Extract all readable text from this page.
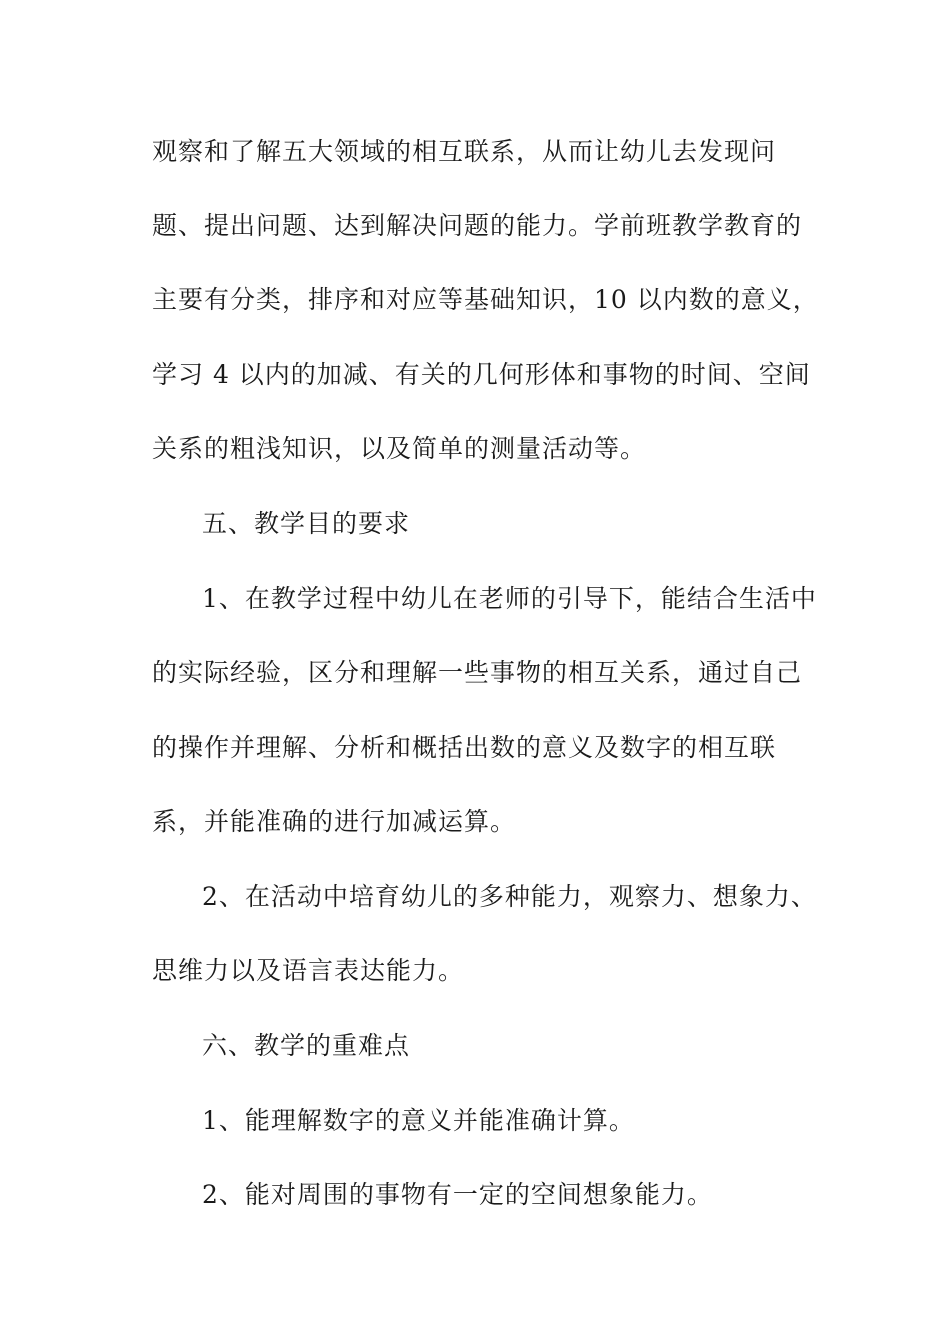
观察和了解五大领域的相互联系，从而让幼儿去发现问
题、提出问题、达到解决问题的能力。学前班教学教育的
主要有分类，排序和对应等基础知识，10 以内数的意义，
学习 4 以内的加减、有关的几何形体和事物的时间、空间
关系的粗浅知识，以及简单的测量活动等。
五、教学目的要求
1、在教学过程中幼儿在老师的引导下，能结合生活中
的实际经验，区分和理解一些事物的相互关系，通过自己
的操作并理解、分析和概括出数的意义及数字的相互联
系，并能准确的进行加减运算。
2、在活动中培育幼儿的多种能力，观察力、想象力、
思维力以及语言表达能力。
六、教学的重难点
1、能理解数字的意义并能准确计算。
2、能对周围的事物有一定的空间想象能力。
